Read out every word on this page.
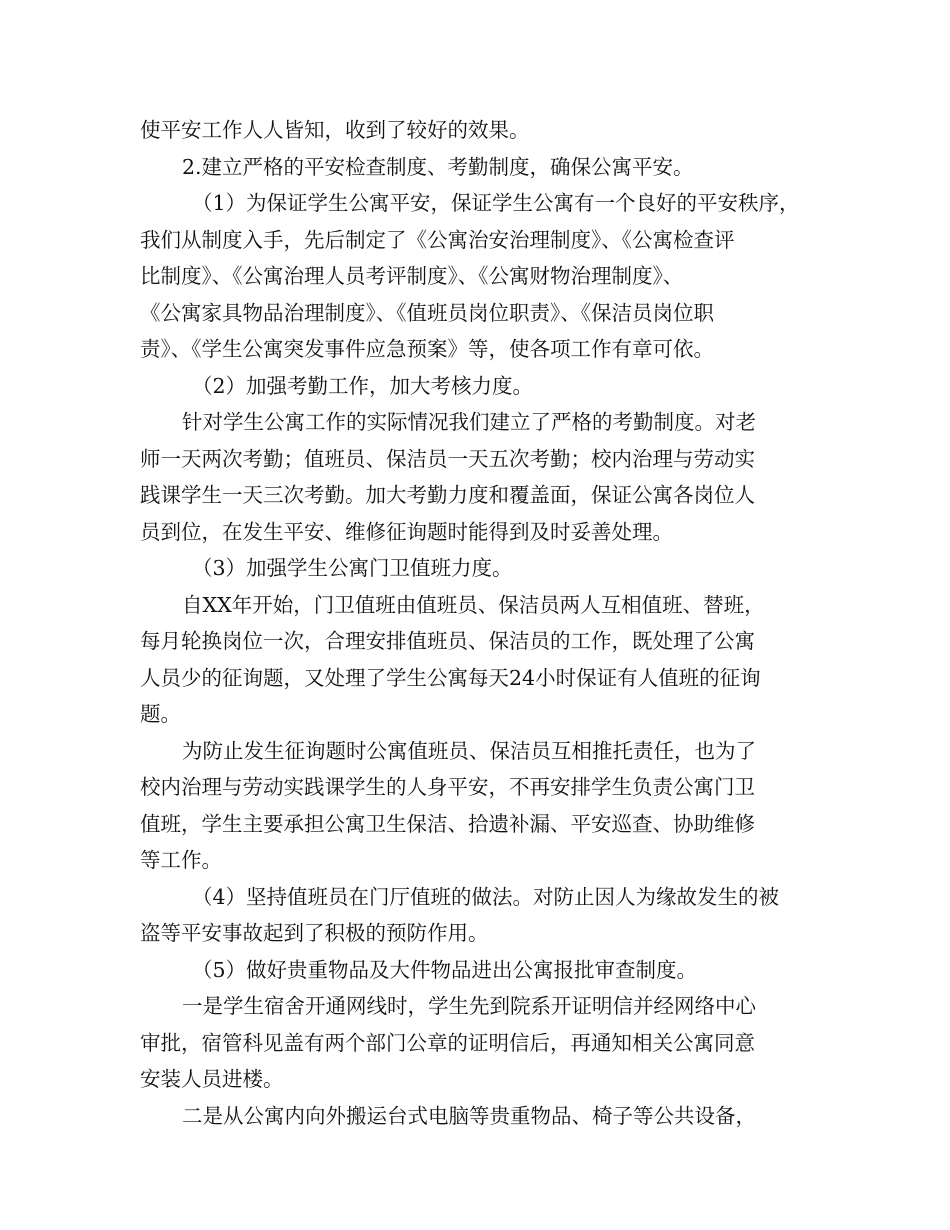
使平安工作人人皆知，收到了较好的效果。
2.建立严格的平安检查制度、考勤制度，确保公寓平安。
（1）为保证学生公寓平安，保证学生公寓有一个良好的平安秩序，
我们从制度入手，先后制定了《公寓治安治理制度》、《公寓检查评
比制度》、《公寓治理人员考评制度》、《公寓财物治理制度》、
《公寓家具物品治理制度》、《值班员岗位职责》、《保洁员岗位职
责》、《学生公寓突发事件应急预案》等，使各项工作有章可依。
（2）加强考勤工作，加大考核力度。
针对学生公寓工作的实际情况我们建立了严格的考勤制度。对老
师一天两次考勤；值班员、保洁员一天五次考勤；校内治理与劳动实
践课学生一天三次考勤。加大考勤力度和覆盖面，保证公寓各岗位人
员到位，在发生平安、维修征询题时能得到及时妥善处理。
（3）加强学生公寓门卫值班力度。
自XX年开始，门卫值班由值班员、保洁员两人互相值班、替班，
每月轮换岗位一次，合理安排值班员、保洁员的工作，既处理了公寓
人员少的征询题，又处理了学生公寓每天24小时保证有人值班的征询
题。
为防止发生征询题时公寓值班员、保洁员互相推托责任，也为了
校内治理与劳动实践课学生的人身平安，不再安排学生负责公寓门卫
值班，学生主要承担公寓卫生保洁、拾遗补漏、平安巡查、协助维修
等工作。
（4）坚持值班员在门厅值班的做法。对防止因人为缘故发生的被
盗等平安事故起到了积极的预防作用。
（5）做好贵重物品及大件物品进出公寓报批审查制度。
一是学生宿舍开通网线时，学生先到院系开证明信并经网络中心
审批，宿管科见盖有两个部门公章的证明信后，再通知相关公寓同意
安装人员进楼。
二是从公寓内向外搬运台式电脑等贵重物品、椅子等公共设备，
